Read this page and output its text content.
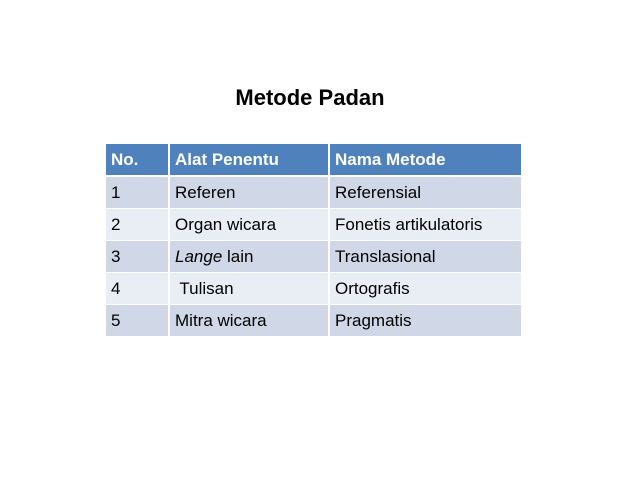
Metode Padan
No.	Alat Penentu	Nama Metode
1	Referen	Referensial
2	Organ wicara	Fonetis artikulatoris
3	Lange lain	Translasional
4	Tulisan	Ortografis
5	Mitra wicara	Pragmatis
